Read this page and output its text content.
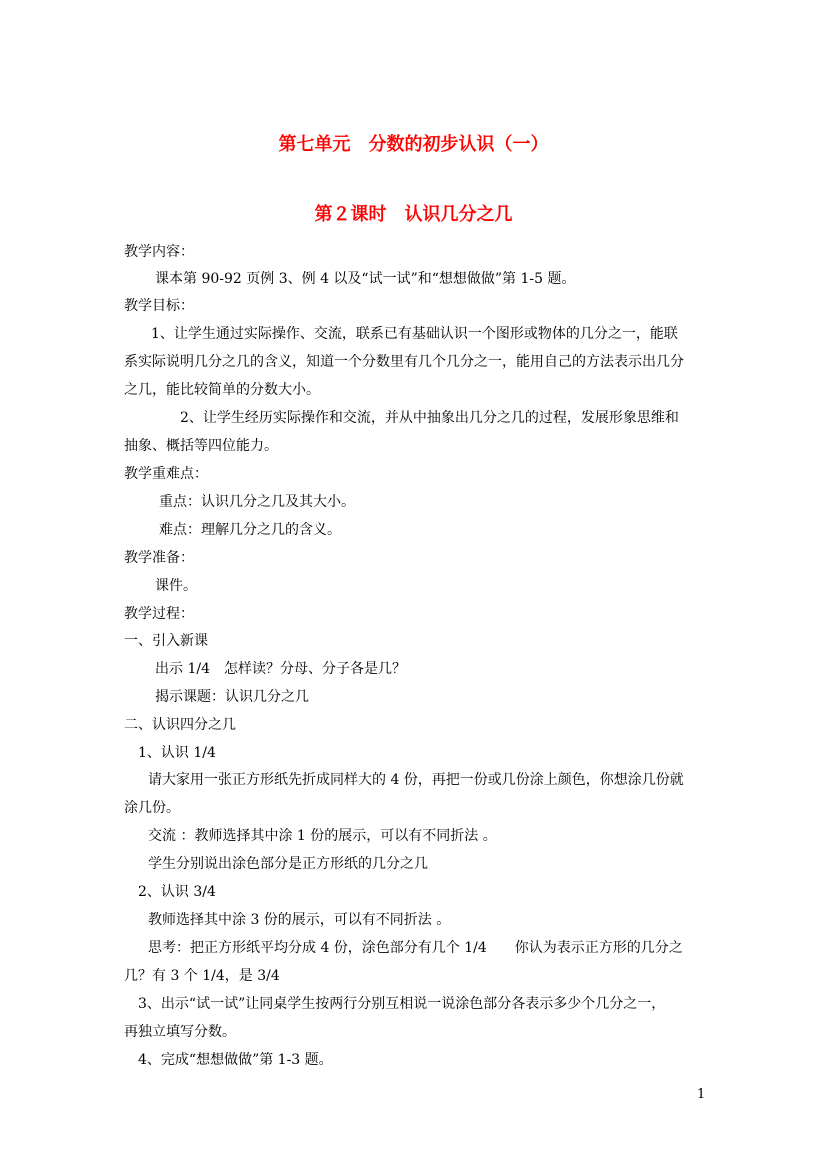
第七单元　分数的初步认识（一）
第２课时　认识几分之几
教学内容：
课本第 90-92 页例 3、例 4 以及“试一试”和“想想做做”第 1-5 题。
教学目标：
1、让学生通过实际操作、交流，联系已有基础认识一个图形或物体的几分之一，能联
系实际说明几分之几的含义，知道一个分数里有几个几分之一，能用自己的方法表示出几分
之几，能比较简单的分数大小。
2、让学生经历实际操作和交流，并从中抽象出几分之几的过程，发展形象思维和
抽象、概括等四位能力。
教学重难点：
重点：认识几分之几及其大小。
难点：理解几分之几的含义。
教学准备：
课件。
教学过程：
一、引入新课
出示 1/4　怎样读？分母、分子各是几？
揭示课题：认识几分之几
二、认识四分之几
1、认识 1/4
请大家用一张正方形纸先折成同样大的 4 份，再把一份或几份涂上颜色，你想涂几份就
涂几份。
交流 ：教师选择其中涂 1 份的展示，可以有不同折法 。
学生分别说出涂色部分是正方形纸的几分之几
2、认识 3/4
教师选择其中涂 3 份的展示，可以有不同折法 。
思考：把正方形纸平均分成 4 份，涂色部分有几个 1/4　　你认为表示正方形的几分之
几？有 3 个 1/4，是 3/4
3、出示“试一试”让同桌学生按两行分别互相说一说涂色部分各表示多少个几分之一，
再独立填写分数。
4、完成“想想做做”第 1-3 题。
1
